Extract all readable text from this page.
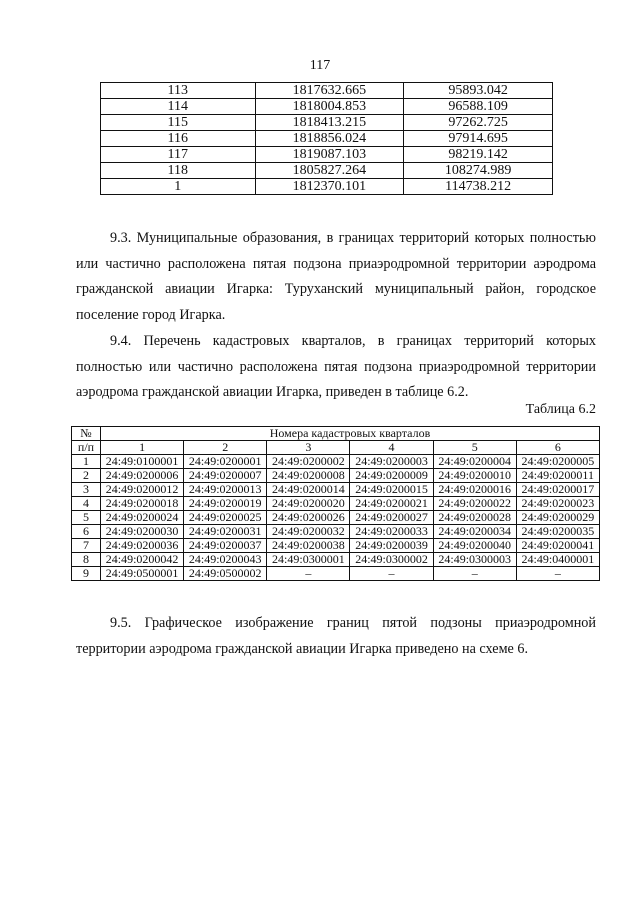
117
113	1817632.665	95893.042
114	1818004.853	96588.109
115	1818413.215	97262.725
116	1818856.024	97914.695
117	1819087.103	98219.142
118	1805827.264	108274.989
1	1812370.101	114738.212

9.3. Муниципальные образования, в границах территорий которых полностью или частично расположена пятая подзона приаэродромной территории аэродрома гражданской авиации Игарка: Туруханский муниципальный район, городское поселение город Игарка.

9.4. Перечень кадастровых кварталов, в границах территорий которых полностью или частично расположена пятая подзона приаэродромной территории аэродрома гражданской авиации Игарка, приведен в таблице 6.2.

Таблица 6.2
№	Номера кадастровых кварталов					
п/п	1	2	3	4	5	6
1	24:49:0100001	24:49:0200001	24:49:0200002	24:49:0200003	24:49:0200004	24:49:0200005
2	24:49:0200006	24:49:0200007	24:49:0200008	24:49:0200009	24:49:0200010	24:49:0200011
3	24:49:0200012	24:49:0200013	24:49:0200014	24:49:0200015	24:49:0200016	24:49:0200017
4	24:49:0200018	24:49:0200019	24:49:0200020	24:49:0200021	24:49:0200022	24:49:0200023
5	24:49:0200024	24:49:0200025	24:49:0200026	24:49:0200027	24:49:0200028	24:49:0200029
6	24:49:0200030	24:49:0200031	24:49:0200032	24:49:0200033	24:49:0200034	24:49:0200035
7	24:49:0200036	24:49:0200037	24:49:0200038	24:49:0200039	24:49:0200040	24:49:0200041
8	24:49:0200042	24:49:0200043	24:49:0300001	24:49:0300002	24:49:0300003	24:49:0400001
9	24:49:0500001	24:49:0500002	–	–	–	–

9.5. Графическое изображение границ пятой подзоны приаэродромной территории аэродрома гражданской авиации Игарка приведено на схеме 6.
